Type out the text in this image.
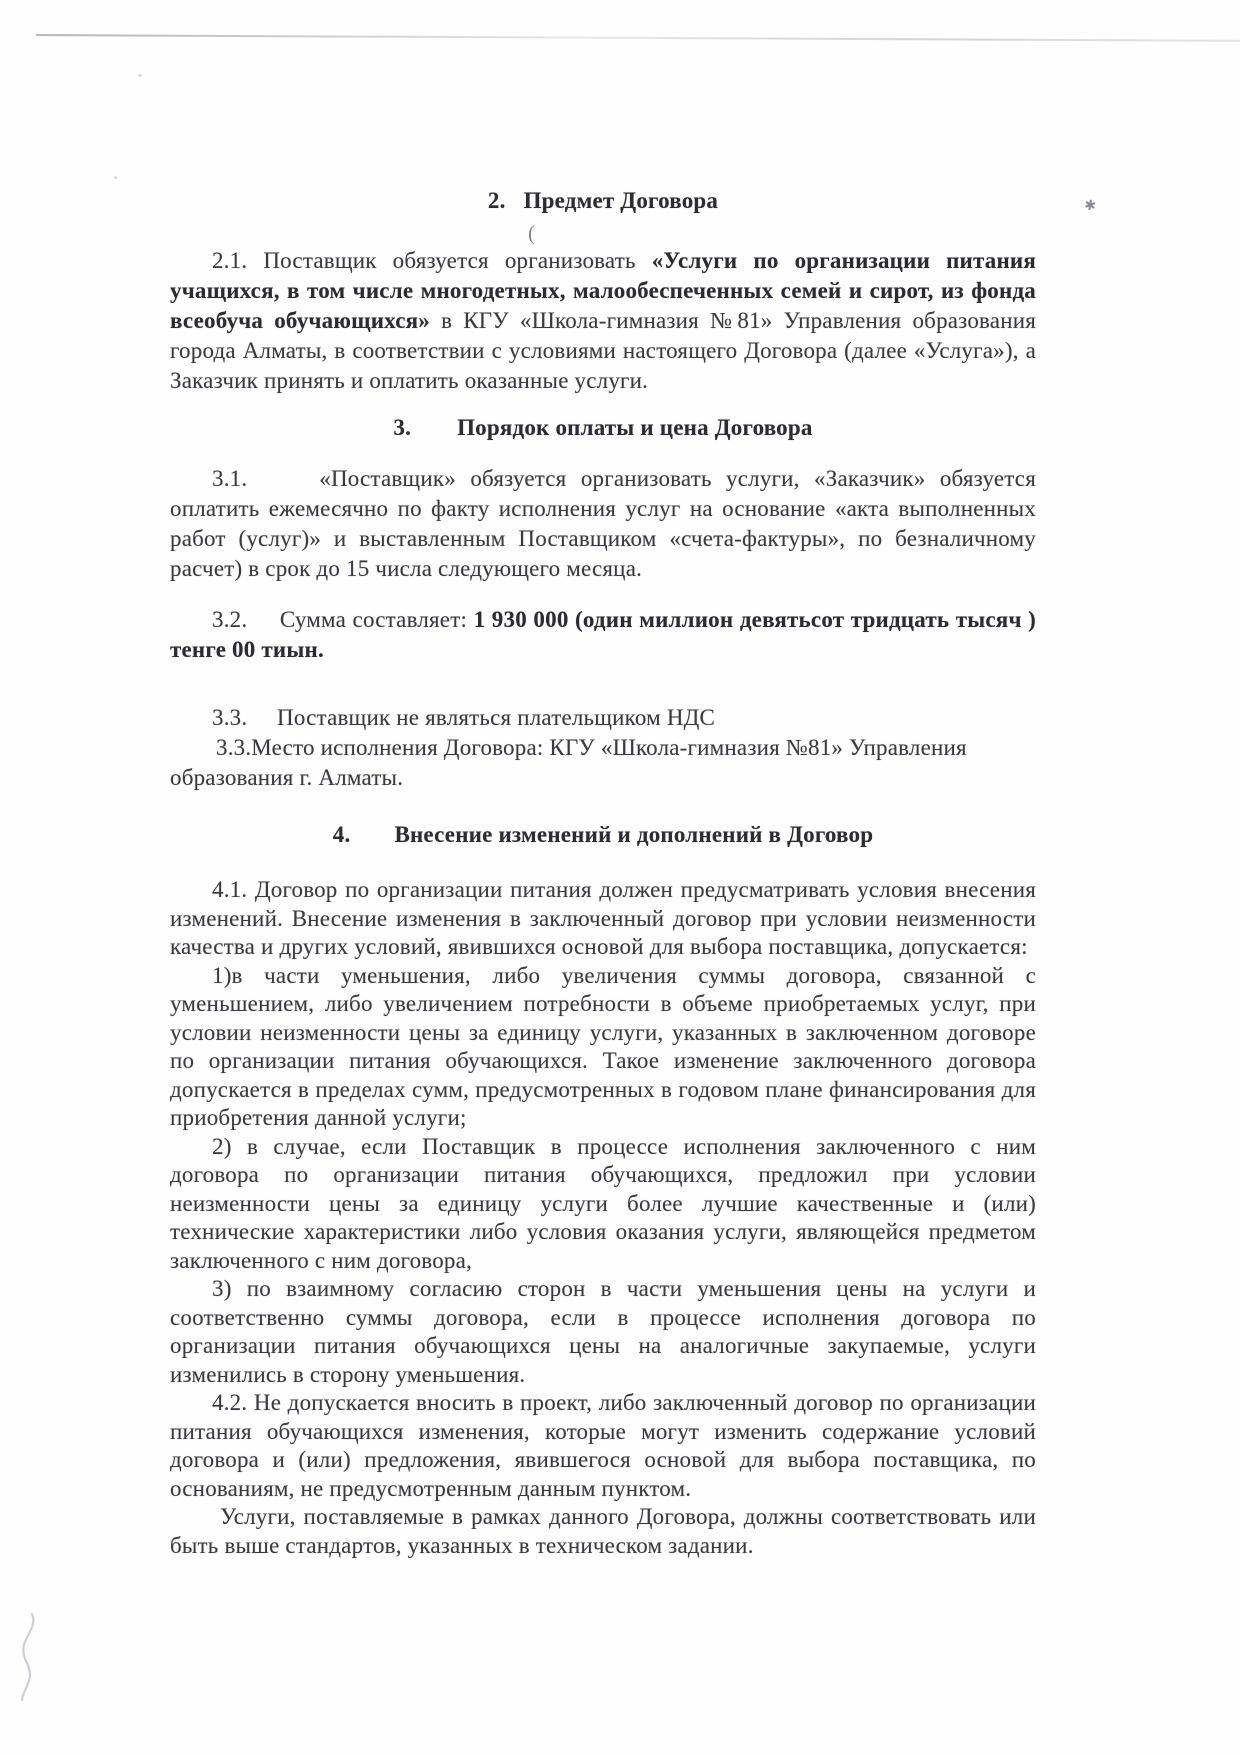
(
✱
2. Предмет Договора
2.1. Поставщик обязуется организовать «Услуги по организации питания учащихся, в том числе многодетных, малообеспеченных семей и сирот, из фонда всеобуча обучающихся» в КГУ «Школа-гимназия №81» Управления образования города Алматы, в соответствии с условиями настоящего Договора (далее «Услуга»), а Заказчик принять и оплатить оказанные услуги.
3. Порядок оплаты и цена Договора
3.1.     «Поставщик» обязуется организовать услуги, «Заказчик» обязуется оплатить ежемесячно по факту исполнения услуг на основание «акта выполненных работ (услуг)» и выставленным Поставщиком «счета-фактуры», по безналичному расчет) в срок до 15 числа следующего месяца.
3.2.     Сумма составляет: 1 930 000 (один миллион девятьсот тридцать тысяч ) тенге 00 тиын.
3.3.     Поставщик не являться плательщиком НДС
3.3.Место исполнения Договора: КГУ «Школа-гимназия №81» Управления образования г. Алматы.
4. Внесение изменений и дополнений в Договор
4.1. Договор по организации питания должен предусматривать условия внесения изменений. Внесение изменения в заключенный договор при условии неизменности качества и других условий, явившихся основой для выбора поставщика, допускается:
1)в части уменьшения, либо увеличения суммы договора, связанной с уменьшением, либо увеличением потребности в объеме приобретаемых услуг, при условии неизменности цены за единицу услуги, указанных в заключенном договоре по организации питания обучающихся. Такое изменение заключенного договора допускается в пределах сумм, предусмотренных в годовом плане финансирования для приобретения данной услуги;
2) в случае, если Поставщик в процессе исполнения заключенного с ним договора по организации питания обучающихся, предложил при условии неизменности цены за единицу услуги более лучшие качественные и (или) технические характеристики либо условия оказания услуги, являющейся предметом заключенного с ним договора,
3) по взаимному согласию сторон в части уменьшения цены на услуги и соответственно суммы договора, если в процессе исполнения договора по организации питания обучающихся цены на аналогичные закупаемые, услуги изменились в сторону уменьшения.
4.2. Не допускается вносить в проект, либо заключенный договор по организации питания обучающихся изменения, которые могут изменить содержание условий договора и (или) предложения, явившегося основой для выбора поставщика, по основаниям, не предусмотренным данным пунктом.
Услуги, поставляемые в рамках данного Договора, должны соответствовать или быть выше стандартов, указанных в техническом задании.
